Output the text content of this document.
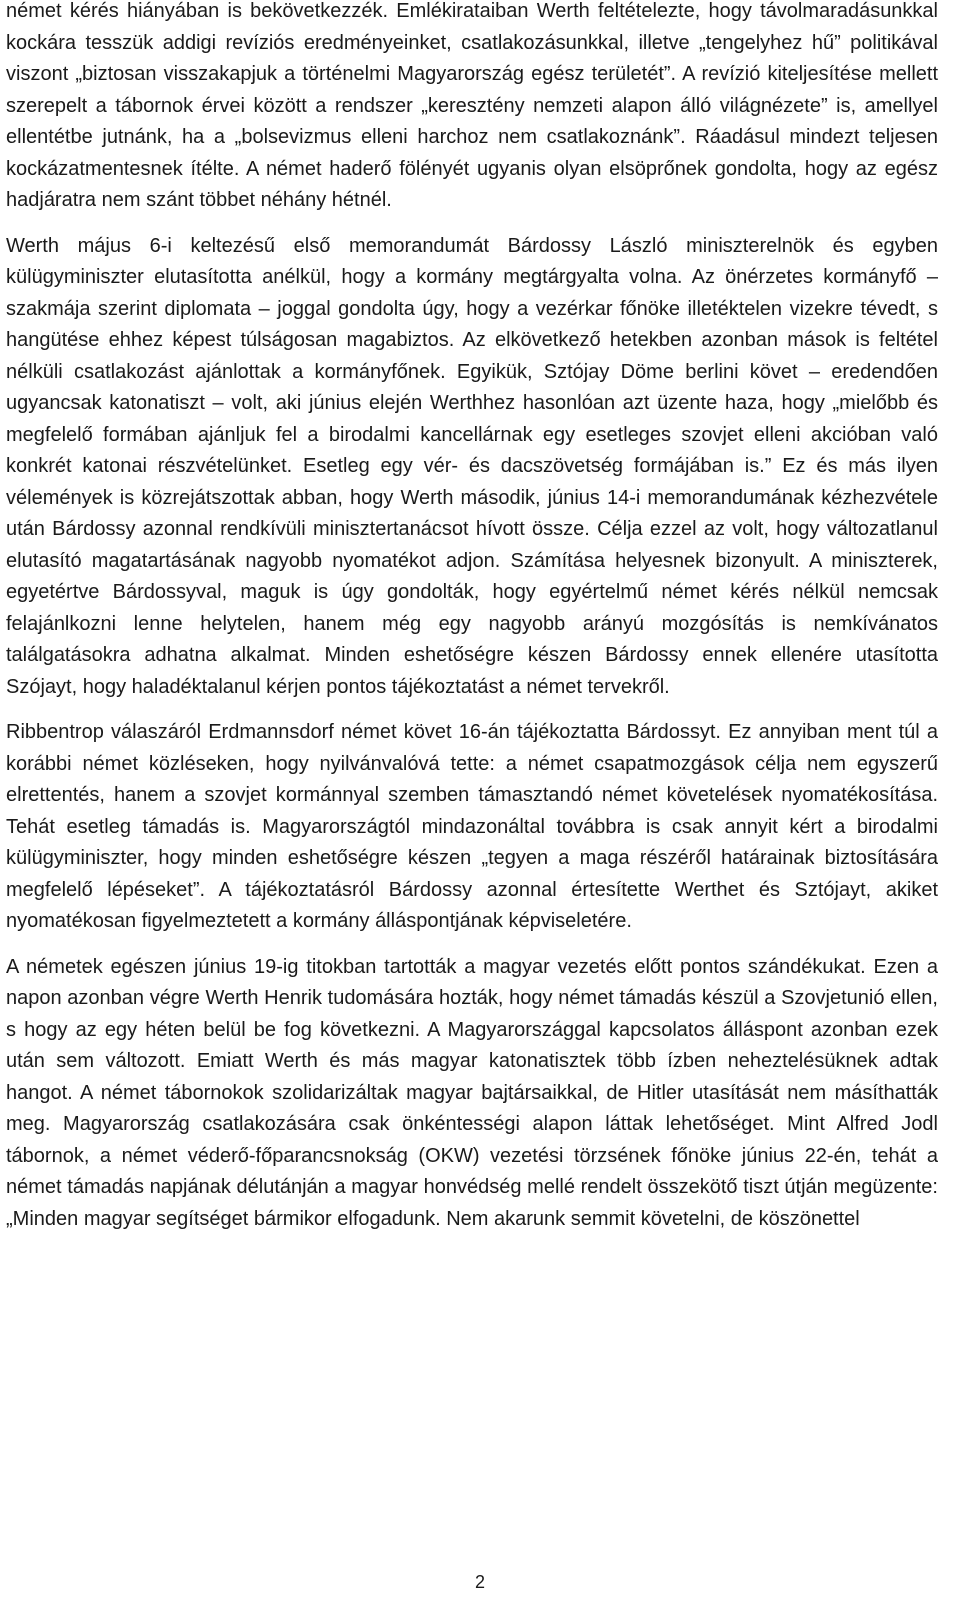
német kérés hiányában is bekövetkezzék. Emlékirataiban Werth feltételezte, hogy távolmaradásunkkal kockára tesszük addigi revíziós eredményeinket, csatlakozásunkkal, illetve „tengelyhez hű” politikával viszont „biztosan visszakapjuk a történelmi Magyarország egész területét”. A revízió kiteljesítése mellett szerepelt a tábornok érvei között a rendszer „keresztény nemzeti alapon álló világnézete” is, amellyel ellentétbe jutnánk, ha a „bolsevizmus elleni harchoz nem csatlakoznánk”. Ráadásul mindezt teljesen kockázatmentesnek ítélte. A német haderő fölényét ugyanis olyan elsöprőnek gondolta, hogy az egész hadjáratra nem szánt többet néhány hétnél.

Werth május 6-i keltezésű első memorandumát Bárdossy László miniszterelnök és egyben külügyminiszter elutasította anélkül, hogy a kormány megtárgyalta volna. Az önérzetes kormányfő –szakmája szerint diplomata – joggal gondolta úgy, hogy a vezérkar főnöke illetéktelen vizekre tévedt, s hangütése ehhez képest túlságosan magabiztos. Az elkövetkező hetekben azonban mások is feltétel nélküli csatlakozást ajánlottak a kormányfőnek. Egyikük, Sztójay Döme berlini követ – eredendően ugyancsak katonatiszt – volt, aki június elején Werthhez hasonlóan azt üzente haza, hogy „mielőbb és megfelelő formában ajánljuk fel a birodalmi kancellárnak egy esetleges szovjet elleni akcióban való konkrét katonai részvételünket. Esetleg egy vér- és dacszövetség formájában is.” Ez és más ilyen vélemények is közrejátszottak abban, hogy Werth második, június 14-i memorandumának kézhezvétele után Bárdossy azonnal rendkívüli minisztertanácsot hívott össze. Célja ezzel az volt, hogy változatlanul elutasító magatartásának nagyobb nyomatékot adjon. Számítása helyesnek bizonyult. A miniszterek, egyetértve Bárdossyval, maguk is úgy gondolták, hogy egyértelmű német kérés nélkül nemcsak felajánlkozni lenne helytelen, hanem még egy nagyobb arányú mozgósítás is nemkívánatos találgatásokra adhatna alkalmat. Minden eshetőségre készen Bárdossy ennek ellenére utasította Szójayt, hogy haladéktalanul kérjen pontos tájékoztatást a német tervekről.

Ribbentrop válaszáról Erdmannsdorf német követ 16-án tájékoztatta Bárdossyt. Ez annyiban ment túl a korábbi német közléseken, hogy nyilvánvalóvá tette: a német csapatmozgások célja nem egyszerű elrettentés, hanem a szovjet kormánnyal szemben támasztandó német követelések nyomatékosítása. Tehát esetleg támadás is. Magyarországtól mindazonáltal továbbra is csak annyit kért a birodalmi külügyminiszter, hogy minden eshetőségre készen „tegyen a maga részéről határainak biztosítására megfelelő lépéseket”. A tájékoztatásról Bárdossy azonnal értesítette Werthet és Sztójayt, akiket nyomatékosan figyelmeztetett a kormány álláspontjának képviseletére.

A németek egészen június 19-ig titokban tartották a magyar vezetés előtt pontos szándékukat. Ezen a napon azonban végre Werth Henrik tudomására hozták, hogy német támadás készül a Szovjetunió ellen, s hogy az egy héten belül be fog következni. A Magyarországgal kapcsolatos álláspont azonban ezek után sem változott. Emiatt Werth és más magyar katonatisztek több ízben neheztelésüknek adtak hangot. A német tábornokok szolidarizáltak magyar bajtársaikkal, de Hitler utasítását nem másíthatták meg. Magyarország csatlakozására csak önkéntességi alapon láttak lehetőséget. Mint Alfred Jodl tábornok, a német véderő-főparancsnokság (OKW) vezetési törzsének főnöke június 22-én, tehát a német támadás napjának délutánján a magyar honvédség mellé rendelt összekötő tiszt útján megüzente: „Minden magyar segítséget bármikor elfogadunk. Nem akarunk semmit követelni, de köszönettel

2
